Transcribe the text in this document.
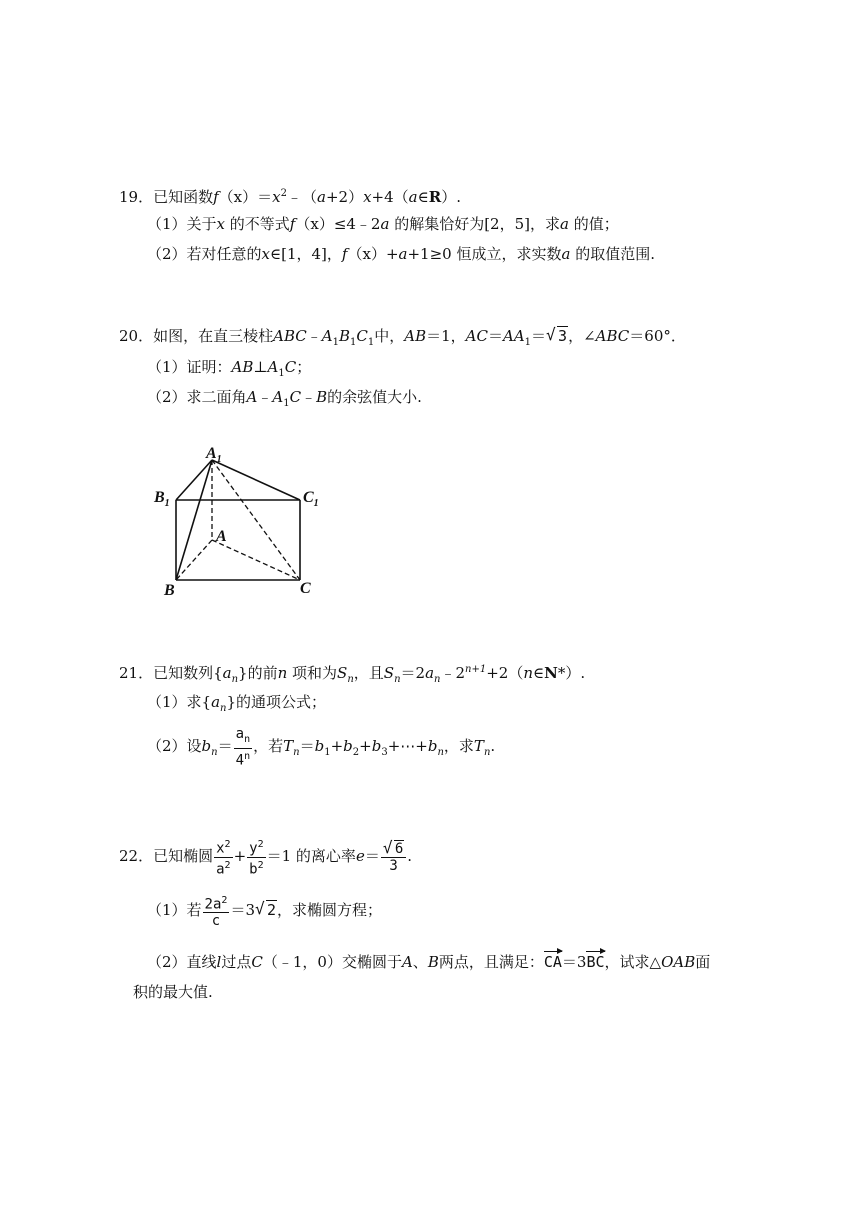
19．已知函数$f(x)=x^2﹣(a+2)x+4(a\in R)$.
（1）关于x 的不等式f（x）≤4﹣2a 的解集恰好为[2，5]，求a 的值；
（2）若对任意的x∈[1，4]，f（x）+a+1≥0 恒成立，求实数a 的取值范围.
20．如图，在直三棱柱$ABC﹣A_1B_1C_1$中，AB＝1，$AC=AA_1=√$ 3，∠ABC＝60°．
（1）证明：$AB\perp A_1C$；
（2）求二面角$A﹣A_1C﹣B$的余弦值大小.
$A_1$
$B_1$	$C_1$
A
B	C
21．已知数列$\{a_n\}$的前n 项和为$S_n$，且$S_n=2a_n﹣2^{n+1}+2(n\in N*)$.
（1）求$\{a_n\}$的通项公式；
（2）设$b_n= \frac{a_n}{4^n}$ ，若$T_n=b_1+b_2+b_3+\cdots+b_n$，求$T_n$.
22．已知椭圆 $\frac{x^2}{a^2} + \frac{y^2}{b^2} =1$ 的离心率e＝
√ $\frac{6}{3}$ .
（1）若 $\frac{2a^2}{c} =3√$ 2，求椭圆方程；
（2）直线l过点C（﹣1，0）交椭圆于A、B两点，且满足：CA＝3BC，试求△OAB面
积的最大值.
